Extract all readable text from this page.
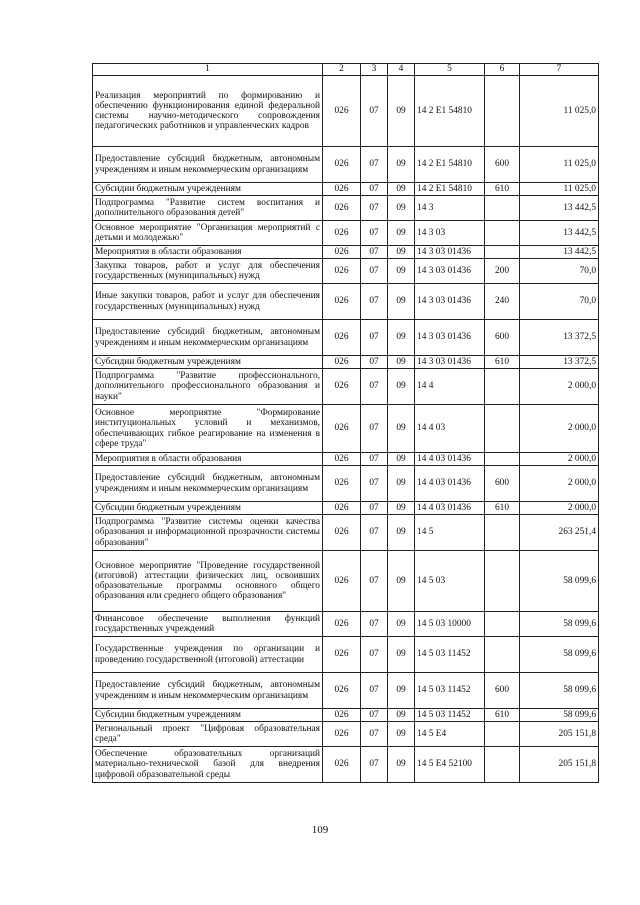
1	2	3	4	5	6	7
Реализация мероприятий по формированию и обеспечению функционирования единой федеральной системы научно-методического сопровождения педагогических работников и управленческих кадров	026	07	09	14 2 E1 54810		11 025,0
Предоставление субсидий бюджетным, автономным учреждениям и иным некоммерческим организациям	026	07	09	14 2 E1 54810	600	11 025,0
Субсидии бюджетным учреждениям	026	07	09	14 2 E1 54810	610	11 025,0
Подпрограмма "Развитие систем воспитания и дополнительного образования детей"	026	07	09	14 3		13 442,5
Основное мероприятие "Организация мероприятий с детьми и молодежью"	026	07	09	14 3 03		13 442,5
Мероприятия в области образования	026	07	09	14 3 03 01436		13 442,5
Закупка товаров, работ и услуг для обеспечения государственных (муниципальных) нужд	026	07	09	14 3 03 01436	200	70,0
Иные закупки товаров, работ и услуг для обеспечения государственных (муниципальных) нужд	026	07	09	14 3 03 01436	240	70,0
Предоставление субсидий бюджетным, автономным учреждениям и иным некоммерческим организациям	026	07	09	14 3 03 01436	600	13 372,5
Субсидии бюджетным учреждениям	026	07	09	14 3 03 01436	610	13 372,5
Подпрограмма "Развитие профессионального, дополнительного профессионального образования и науки"	026	07	09	14 4		2 000,0
Основное мероприятие "Формирование институциональных условий и механизмов, обеспечивающих гибкое реагирование на изменения в сфере труда"	026	07	09	14 4 03		2 000,0
Мероприятия в области образования	026	07	09	14 4 03 01436		2 000,0
Предоставление субсидий бюджетным, автономным учреждениям и иным некоммерческим организациям	026	07	09	14 4 03 01436	600	2 000,0
Субсидии бюджетным учреждениям	026	07	09	14 4 03 01436	610	2 000,0
Подпрограмма "Развитие системы оценки качества образования и информационной прозрачности системы образования"	026	07	09	14 5		263 251,4
Основное мероприятие "Проведение государственной (итоговой) аттестации физических лиц, освоивших образовательные программы основного общего образования или среднего общего образования"	026	07	09	14 5 03		58 099,6
Финансовое обеспечение выполнения функций государственных учреждений	026	07	09	14 5 03 10000		58 099,6
Государственные учреждения по организации и проведению государственной (итоговой) аттестации	026	07	09	14 5 03 11452		58 099,6
Предоставление субсидий бюджетным, автономным учреждениям и иным некоммерческим организациям	026	07	09	14 5 03 11452	600	58 099,6
Субсидии бюджетным учреждениям	026	07	09	14 5 03 11452	610	58 099,6
Региональный проект "Цифровая образовательная среда"	026	07	09	14 5 E4		205 151,8
Обеспечение образовательных организаций материально-технической базой для внедрения цифровой образовательной среды	026	07	09	14 5 E4 52100		205 151,8
109
